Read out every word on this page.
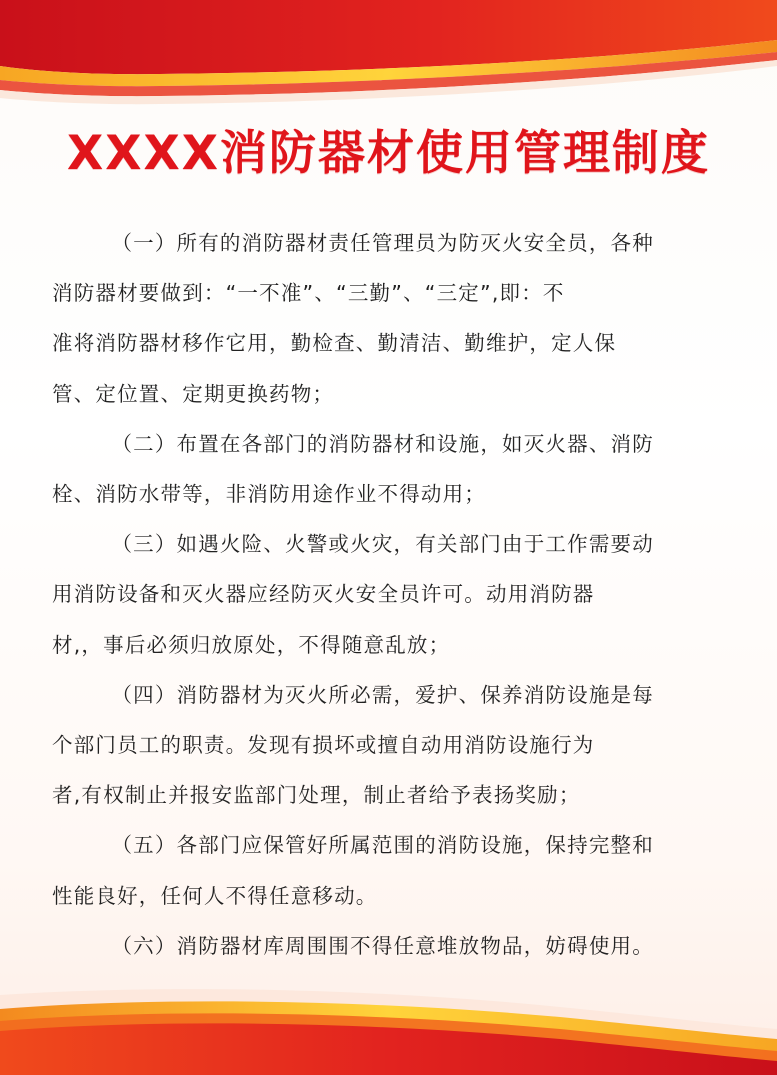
XXXX消防器材使用管理制度

（一）所有的消防器材责任管理员为防灭火安全员，各种
消防器材要做到：“一不准”、“三勤”、“三定”,即：不
准将消防器材移作它用，勤检查、勤清洁、勤维护，定人保
管、定位置、定期更换药物；

（二）布置在各部门的消防器材和设施，如灭火器、消防
栓、消防水带等，非消防用途作业不得动用；

（三）如遇火险、火警或火灾，有关部门由于工作需要动
用消防设备和灭火器应经防灭火安全员许可。动用消防器
材,，事后必须归放原处，不得随意乱放；

（四）消防器材为灭火所必需，爱护、保养消防设施是每
个部门员工的职责。发现有损坏或擅自动用消防设施行为
者,有权制止并报安监部门处理，制止者给予表扬奖励；

（五）各部门应保管好所属范围的消防设施，保持完整和
性能良好，任何人不得任意移动。

（六）消防器材库周围围不得任意堆放物品，妨碍使用。
